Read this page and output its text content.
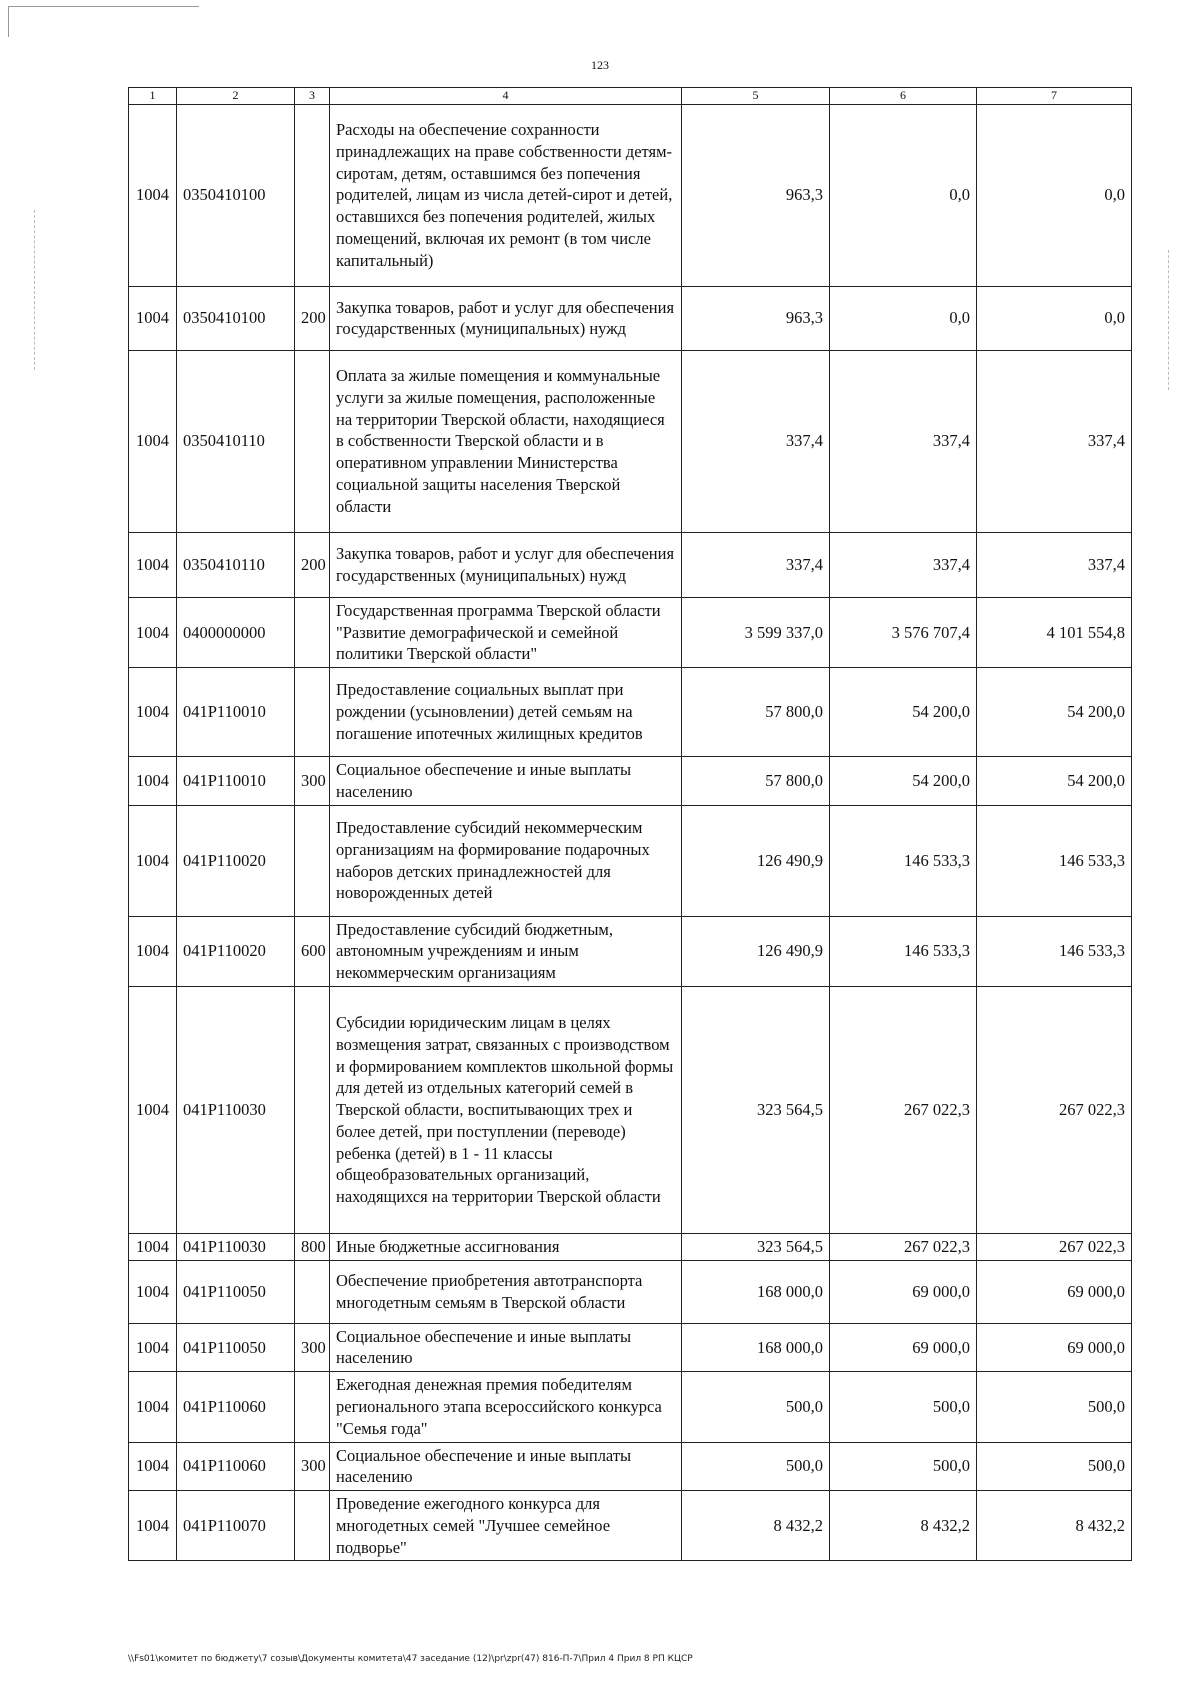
123
1	2	3	4	5	6	7
1004	0350410100		Расходы на обеспечение сохранности принадлежащих на праве собственности детям-сиротам, детям, оставшимся без попечения родителей, лицам из числа детей-сирот и детей, оставшихся без попечения родителей, жилых помещений, включая их ремонт (в том числе капитальный)	963,3	0,0	0,0
1004	0350410100	200	Закупка товаров, работ и услуг для обеспечения государственных (муниципальных) нужд	963,3	0,0	0,0
1004	0350410110		Оплата за жилые помещения и коммунальные услуги за жилые помещения, расположенные на территории Тверской области, находящиеся в собственности Тверской области и в оперативном управлении Министерства социальной защиты населения Тверской области	337,4	337,4	337,4
1004	0350410110	200	Закупка товаров, работ и услуг для обеспечения государственных (муниципальных) нужд	337,4	337,4	337,4
1004	0400000000		Государственная программа Тверской области "Развитие демографической и семейной политики Тверской области"	3 599 337,0	3 576 707,4	4 101 554,8
1004	041P110010		Предоставление социальных выплат при рождении (усыновлении) детей семьям на погашение ипотечных жилищных кредитов	57 800,0	54 200,0	54 200,0
1004	041P110010	300	Социальное обеспечение и иные выплаты населению	57 800,0	54 200,0	54 200,0
1004	041P110020		Предоставление субсидий некоммерческим организациям на формирование подарочных наборов детских принадлежностей для новорожденных детей	126 490,9	146 533,3	146 533,3
1004	041P110020	600	Предоставление субсидий бюджетным, автономным учреждениям и иным некоммерческим организациям	126 490,9	146 533,3	146 533,3
1004	041P110030		Субсидии юридическим лицам в целях возмещения затрат, связанных с производством и формированием комплектов школьной формы для детей из отдельных категорий семей в Тверской области, воспитывающих трех и более детей, при поступлении (переводе) ребенка (детей) в 1 - 11 классы общеобразовательных организаций, находящихся на территории Тверской области	323 564,5	267 022,3	267 022,3
1004	041P110030	800	Иные бюджетные ассигнования	323 564,5	267 022,3	267 022,3
1004	041P110050		Обеспечение приобретения автотранспорта многодетным семьям в Тверской области	168 000,0	69 000,0	69 000,0
1004	041P110050	300	Социальное обеспечение и иные выплаты населению	168 000,0	69 000,0	69 000,0
1004	041P110060		Ежегодная денежная премия победителям регионального этапа всероссийского конкурса "Семья года"	500,0	500,0	500,0
1004	041P110060	300	Социальное обеспечение и иные выплаты населению	500,0	500,0	500,0
1004	041P110070		Проведение ежегодного конкурса для многодетных семей "Лучшее семейное подворье"	8 432,2	8 432,2	8 432,2
\\Fs01\комитет по бюджету\7 созыв\Документы комитета\47 заседание (12)\pr\zpr(47) 816-П-7\Прил 4 Прил 8 РП КЦСР
